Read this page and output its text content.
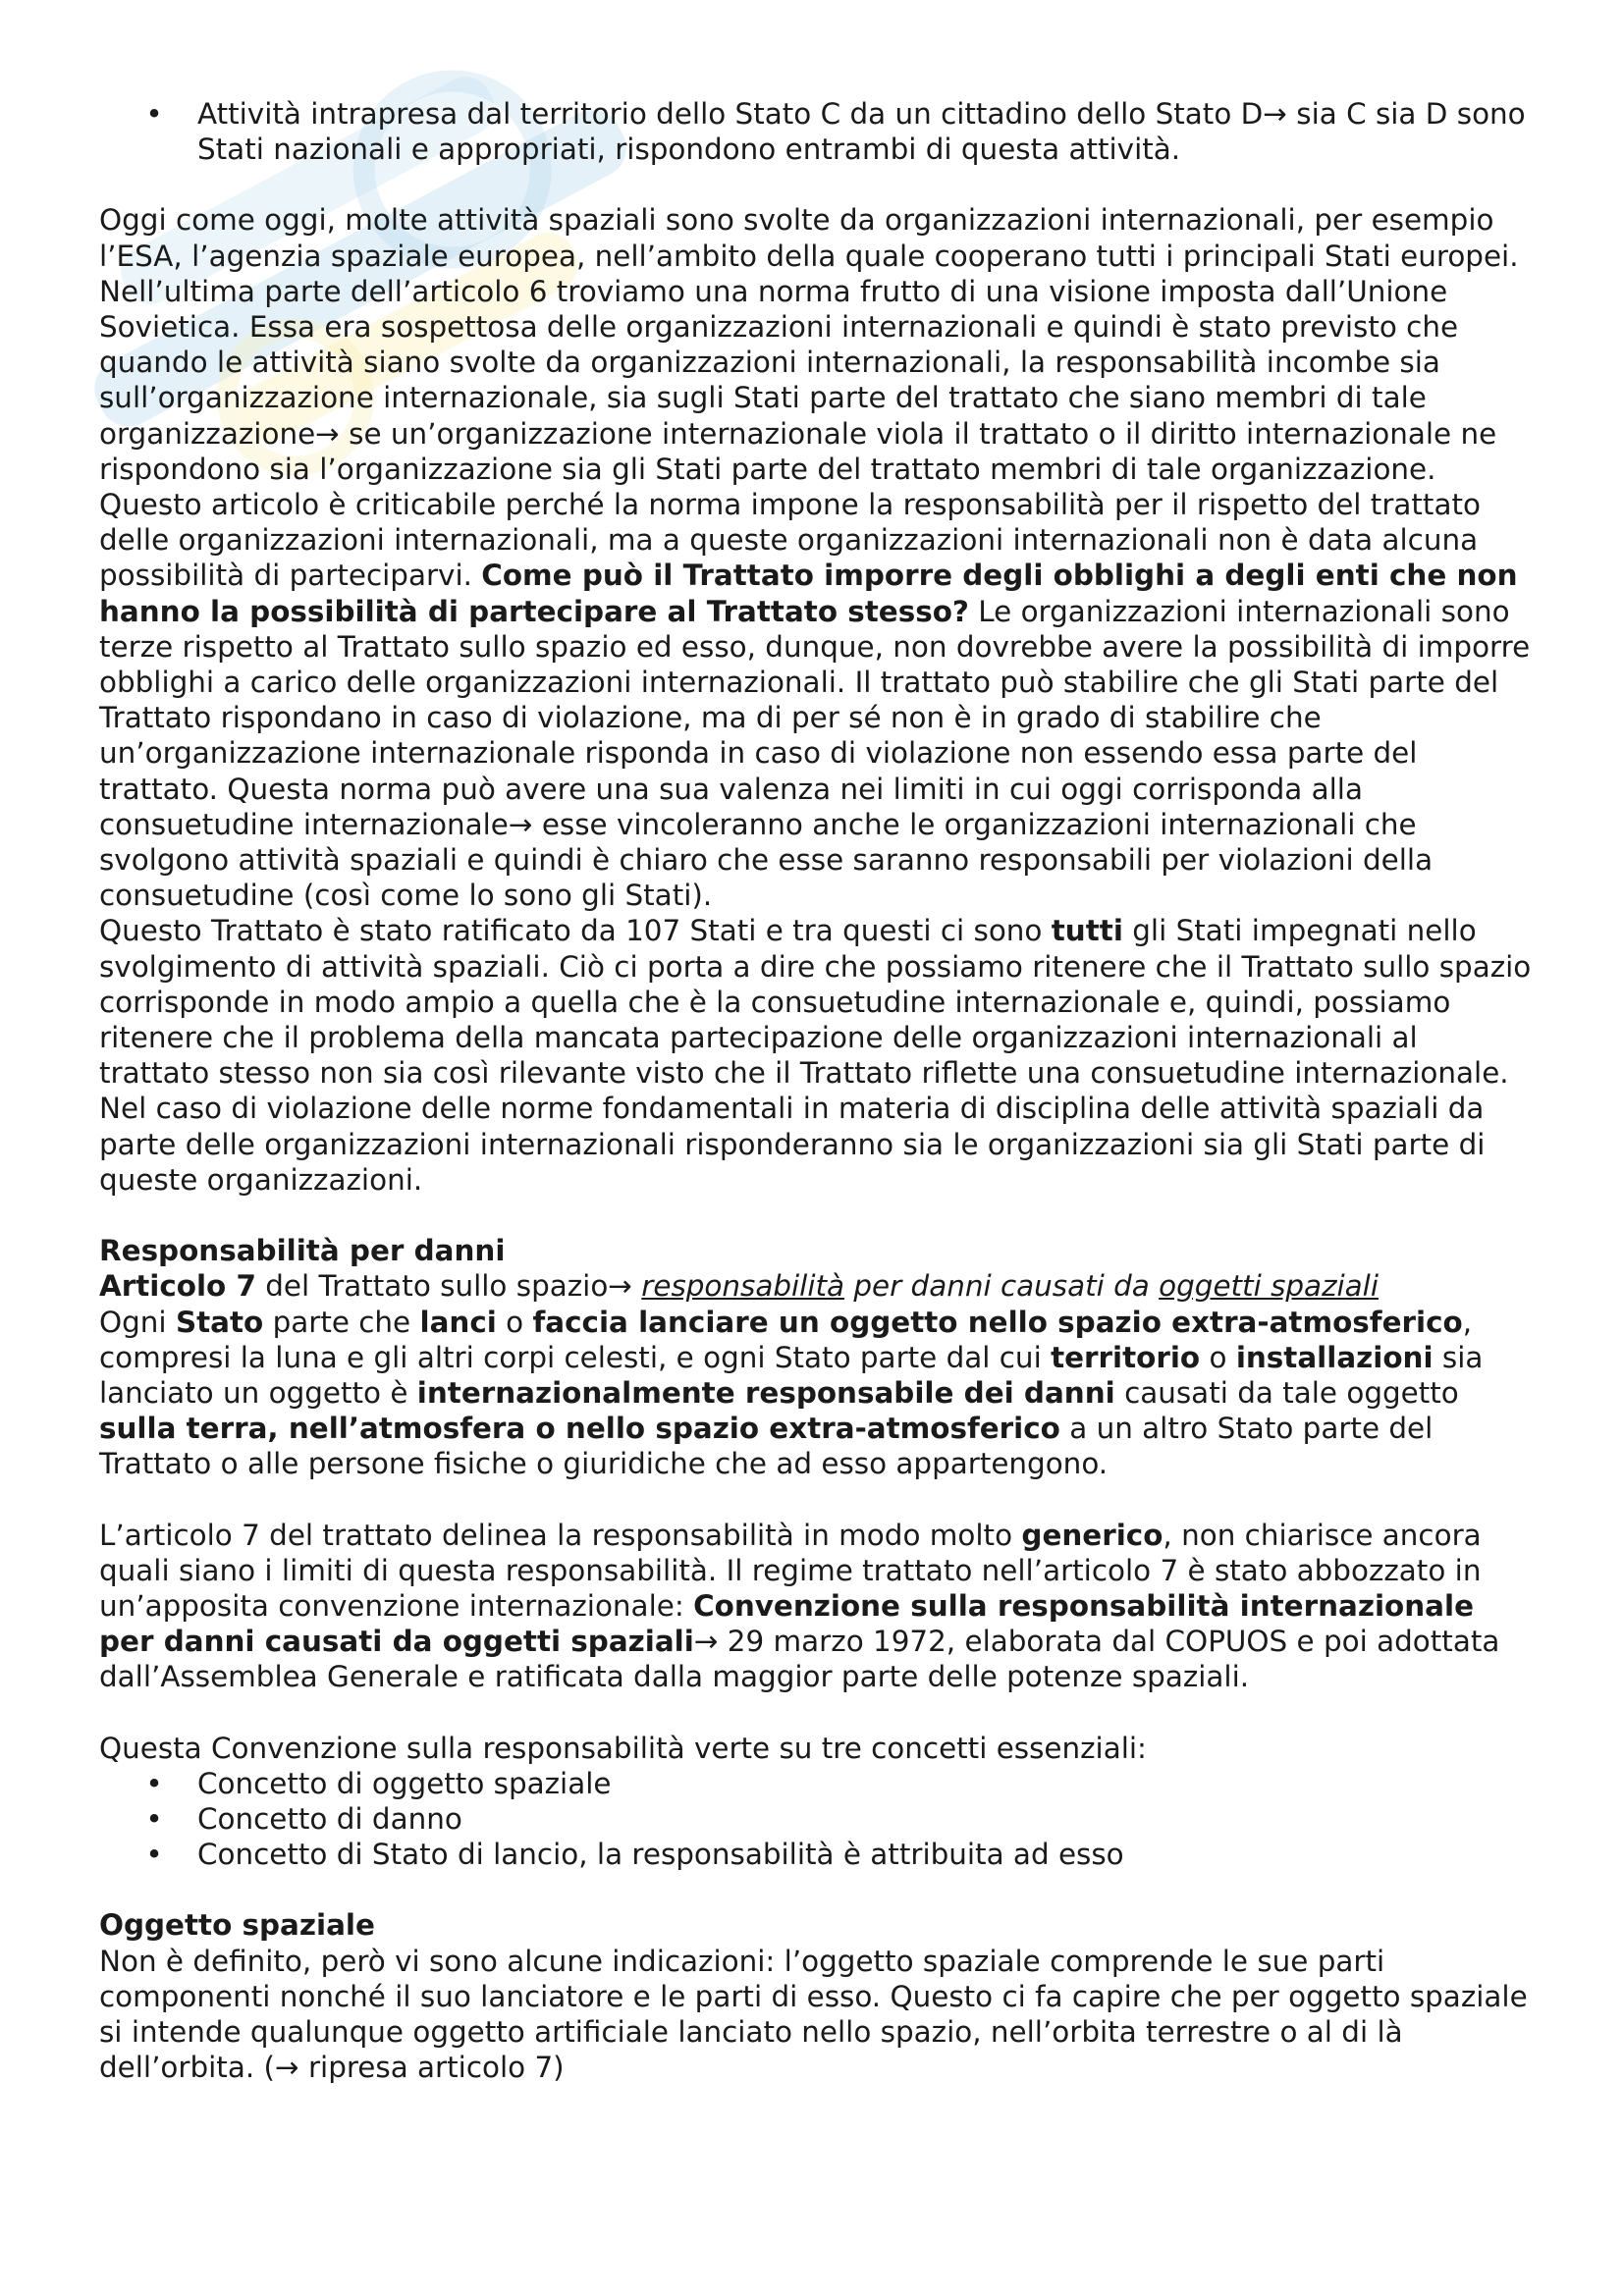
• Attività intrapresa dal territorio dello Stato C da un cittadino dello Stato D→ sia C sia D sono Stati nazionali e appropriati, rispondono entrambi di questa attività.

Oggi come oggi, molte attività spaziali sono svolte da organizzazioni internazionali, per esempio l’ESA, l’agenzia spaziale europea, nell’ambito della quale cooperano tutti i principali Stati europei. Nell’ultima parte dell’articolo 6 troviamo una norma frutto di una visione imposta dall’Unione Sovietica. Essa era sospettosa delle organizzazioni internazionali e quindi è stato previsto che quando le attività siano svolte da organizzazioni internazionali, la responsabilità incombe sia sull’organizzazione internazionale, sia sugli Stati parte del trattato che siano membri di tale organizzazione→ se un’organizzazione internazionale viola il trattato o il diritto internazionale ne rispondono sia l’organizzazione sia gli Stati parte del trattato membri di tale organizzazione.

Questo articolo è criticabile perché la norma impone la responsabilità per il rispetto del trattato delle organizzazioni internazionali, ma a queste organizzazioni internazionali non è data alcuna possibilità di parteciparvi. Come può il Trattato imporre degli obblighi a degli enti che non hanno la possibilità di partecipare al Trattato stesso? Le organizzazioni internazionali sono terze rispetto al Trattato sullo spazio ed esso, dunque, non dovrebbe avere la possibilità di imporre obblighi a carico delle organizzazioni internazionali. Il trattato può stabilire che gli Stati parte del Trattato rispondano in caso di violazione, ma di per sé non è in grado di stabilire che un’organizzazione internazionale risponda in caso di violazione non essendo essa parte del trattato. Questa norma può avere una sua valenza nei limiti in cui oggi corrisponda alla consuetudine internazionale→ esse vincoleranno anche le organizzazioni internazionali che svolgono attività spaziali e quindi è chiaro che esse saranno responsabili per violazioni della consuetudine (così come lo sono gli Stati).

Questo Trattato è stato ratificato da 107 Stati e tra questi ci sono tutti gli Stati impegnati nello svolgimento di attività spaziali. Ciò ci porta a dire che possiamo ritenere che il Trattato sullo spazio corrisponde in modo ampio a quella che è la consuetudine internazionale e, quindi, possiamo ritenere che il problema della mancata partecipazione delle organizzazioni internazionali al trattato stesso non sia così rilevante visto che il Trattato riflette una consuetudine internazionale. Nel caso di violazione delle norme fondamentali in materia di disciplina delle attività spaziali da parte delle organizzazioni internazionali risponderanno sia le organizzazioni sia gli Stati parte di queste organizzazioni.

Responsabilità per danni

Articolo 7 del Trattato sullo spazio→ responsabilità per danni causati da oggetti spaziali

Ogni Stato parte che lanci o faccia lanciare un oggetto nello spazio extra-atmosferico, compresi la luna e gli altri corpi celesti, e ogni Stato parte dal cui territorio o installazioni sia lanciato un oggetto è internazionalmente responsabile dei danni causati da tale oggetto sulla terra, nell’atmosfera o nello spazio extra-atmosferico a un altro Stato parte del Trattato o alle persone fisiche o giuridiche che ad esso appartengono.

L’articolo 7 del trattato delinea la responsabilità in modo molto generico, non chiarisce ancora quali siano i limiti di questa responsabilità. Il regime trattato nell’articolo 7 è stato abbozzato in un’apposita convenzione internazionale: Convenzione sulla responsabilità internazionale per danni causati da oggetti spaziali→ 29 marzo 1972, elaborata dal COPUOS e poi adottata dall’Assemblea Generale e ratificata dalla maggior parte delle potenze spaziali.

Questa Convenzione sulla responsabilità verte su tre concetti essenziali:

• Concetto di oggetto spaziale
• Concetto di danno
• Concetto di Stato di lancio, la responsabilità è attribuita ad esso

Oggetto spaziale

Non è definito, però vi sono alcune indicazioni: l’oggetto spaziale comprende le sue parti componenti nonché il suo lanciatore e le parti di esso. Questo ci fa capire che per oggetto spaziale si intende qualunque oggetto artificiale lanciato nello spazio, nell’orbita terrestre o al di là dell’orbita. (→ ripresa articolo 7)
